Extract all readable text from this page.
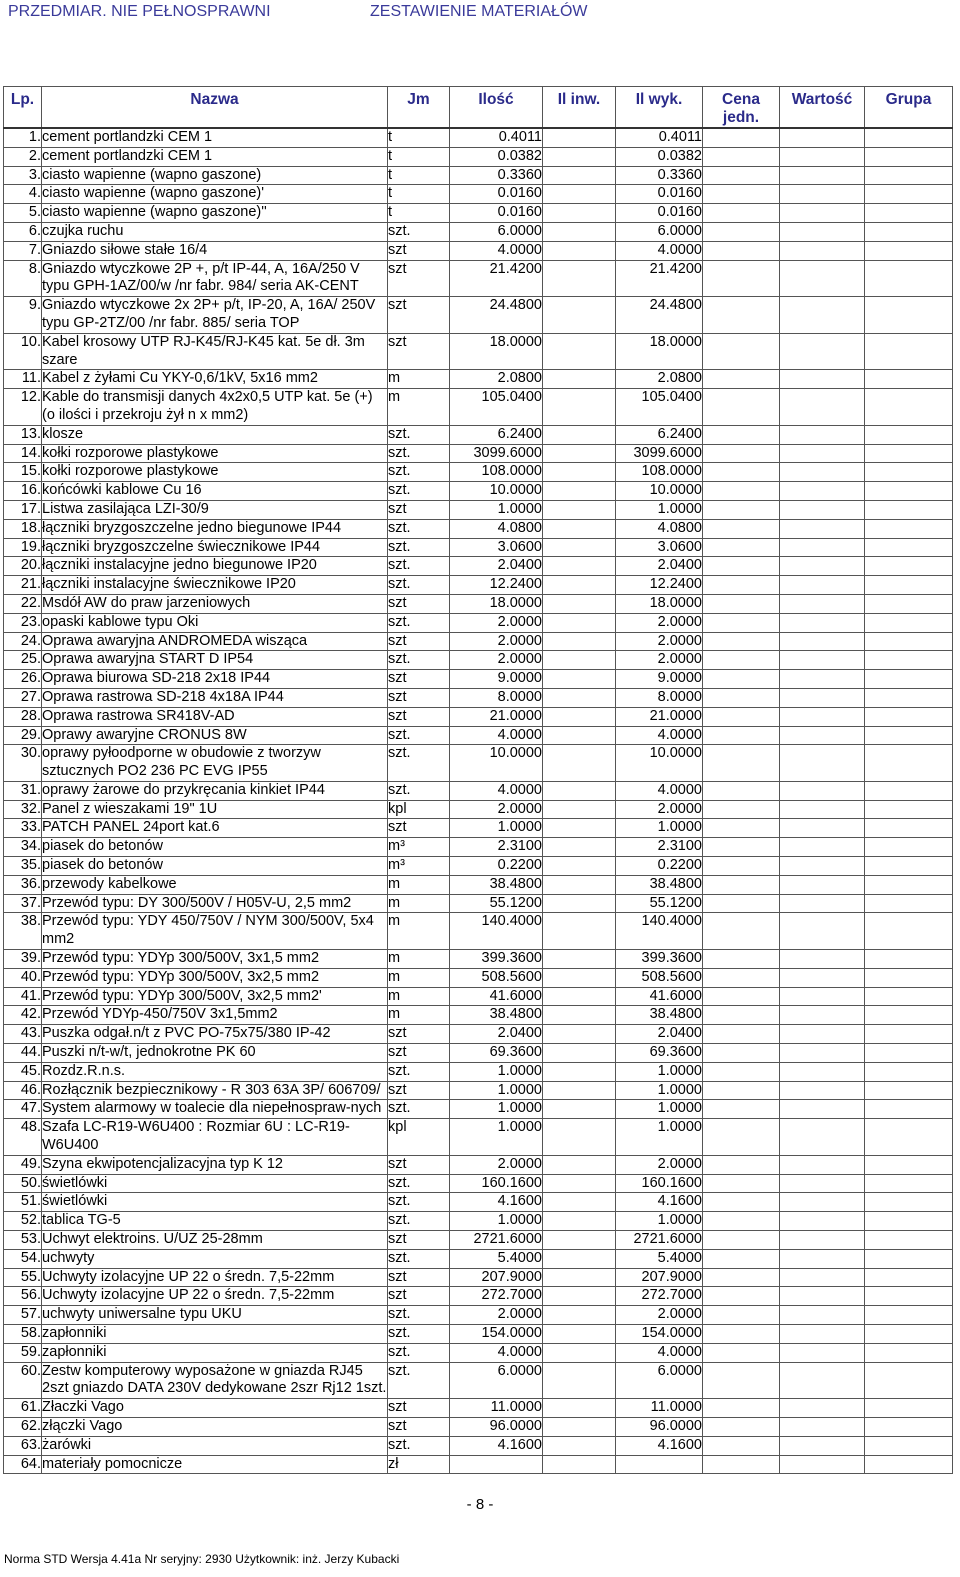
PRZEDMIAR. NIE PEŁNOSPRAWNI	ZESTAWIENIE MATERIAŁÓW
Lp.	Nazwa	Jm	Ilość	Il inw.	Il wyk.	Cena jedn.	Wartość	Grupa
1.	cement portlandzki CEM 1	t	0.4011		0.4011			
2.	cement portlandzki CEM 1	t	0.0382		0.0382			
3.	ciasto wapienne (wapno gaszone)	t	0.3360		0.3360			
4.	ciasto wapienne (wapno gaszone)'	t	0.0160		0.0160			
5.	ciasto wapienne (wapno gaszone)''	t	0.0160		0.0160			
6.	czujka ruchu	szt.	6.0000		6.0000			
7.	Gniazdo siłowe stałe 16/4	szt	4.0000		4.0000			
8.	Gniazdo wtyczkowe 2P +, p/t IP-44, A, 16A/250 V typu GPH-1AZ/00/w /nr fabr. 984/ seria AK-CENT	szt	21.4200		21.4200			
9.	Gniazdo wtyczkowe 2x 2P+ p/t, IP-20, A, 16A/ 250V typu GP-2TZ/00 /nr fabr. 885/ seria TOP	szt	24.4800		24.4800			
10.	Kabel krosowy UTP RJ-K45/RJ-K45 kat. 5e dł. 3m szare	szt	18.0000		18.0000			
11.	Kabel z żyłami Cu YKY-0,6/1kV, 5x16 mm2	m	2.0800		2.0800			
12.	Kable do transmisji danych 4x2x0,5 UTP kat. 5e (+) (o ilości i przekroju żył n x mm2)	m	105.0400		105.0400			
13.	klosze	szt.	6.2400		6.2400			
14.	kołki rozporowe plastykowe	szt.	3099.6000		3099.6000			
15.	kołki rozporowe plastykowe	szt.	108.0000		108.0000			
16.	końcówki kablowe Cu 16	szt.	10.0000		10.0000			
17.	Listwa zasilająca LZI-30/9	szt	1.0000		1.0000			
18.	łączniki bryzgoszczelne jedno biegunowe IP44	szt.	4.0800		4.0800			
19.	łączniki bryzgoszczelne świecznikowe IP44	szt.	3.0600		3.0600			
20.	łączniki instalacyjne jedno biegunowe IP20	szt.	2.0400		2.0400			
21.	łączniki instalacyjne świecznikowe IP20	szt.	12.2400		12.2400			
22.	Msdół AW do praw jarzeniowych	szt	18.0000		18.0000			
23.	opaski kablowe typu Oki	szt.	2.0000		2.0000			
24.	Oprawa awaryjna ANDROMEDA wisząca	szt	2.0000		2.0000			
25.	Oprawa awaryjna START D IP54	szt.	2.0000		2.0000			
26.	Oprawa biurowa SD-218 2x18 IP44	szt	9.0000		9.0000			
27.	Oprawa rastrowa SD-218 4x18A IP44	szt	8.0000		8.0000			
28.	Oprawa rastrowa SR418V-AD	szt	21.0000		21.0000			
29.	Oprawy awaryjne CRONUS 8W	szt.	4.0000		4.0000			
30.	oprawy pyłoodporne w obudowie z tworzyw sztucznych PO2 236 PC EVG IP55	szt.	10.0000		10.0000			
31.	oprawy żarowe do przykręcania kinkiet IP44	szt.	4.0000		4.0000			
32.	Panel z wieszakami 19" 1U	kpl	2.0000		2.0000			
33.	PATCH PANEL 24port kat.6	szt	1.0000		1.0000			
34.	piasek do betonów	m³	2.3100		2.3100			
35.	piasek do betonów	m³	0.2200		0.2200			
36.	przewody kabelkowe	m	38.4800		38.4800			
37.	Przewód typu: DY 300/500V / H05V-U, 2,5 mm2	m	55.1200		55.1200			
38.	Przewód typu: YDY 450/750V / NYM 300/500V, 5x4 mm2	m	140.4000		140.4000			
39.	Przewód typu: YDYp 300/500V, 3x1,5 mm2	m	399.3600		399.3600			
40.	Przewód typu: YDYp 300/500V, 3x2,5 mm2	m	508.5600		508.5600			
41.	Przewód typu: YDYp 300/500V, 3x2,5 mm2'	m	41.6000		41.6000			
42.	Przewód YDYp-450/750V 3x1,5mm2	m	38.4800		38.4800			
43.	Puszka odgał.n/t z PVC PO-75x75/380 IP-42	szt	2.0400		2.0400			
44.	Puszki n/t-w/t, jednokrotne PK 60	szt	69.3600		69.3600			
45.	Rozdz.R.n.s.	szt.	1.0000		1.0000			
46.	Rozłącznik bezpiecznikowy - R 303 63A 3P/ 606709/	szt	1.0000		1.0000			
47.	System alarmowy w toalecie dla niepełnospraw-nych	szt.	1.0000		1.0000			
48.	Szafa LC-R19-W6U400 : Rozmiar 6U : LC-R19-W6U400	kpl	1.0000		1.0000			
49.	Szyna ekwipotencjalizacyjna typ K 12	szt	2.0000		2.0000			
50.	świetlówki	szt.	160.1600		160.1600			
51.	świetlówki	szt.	4.1600		4.1600			
52.	tablica TG-5	szt.	1.0000		1.0000			
53.	Uchwyt elektroins. U/UZ 25-28mm	szt	2721.6000		2721.6000			
54.	uchwyty	szt.	5.4000		5.4000			
55.	Uchwyty izolacyjne UP 22 o średn. 7,5-22mm	szt	207.9000		207.9000			
56.	Uchwyty izolacyjne UP 22 o średn. 7,5-22mm	szt	272.7000		272.7000			
57.	uchwyty uniwersalne typu UKU	szt.	2.0000		2.0000			
58.	zapłonniki	szt.	154.0000		154.0000			
59.	zapłonniki	szt.	4.0000		4.0000			
60.	Zestw komputerowy wyposażone w gniazda RJ45 2szt gniazdo DATA 230V dedykowane 2szr Rj12 1szt.	szt.	6.0000		6.0000			
61.	Złaczki Vago	szt	11.0000		11.0000			
62.	złączki Vago	szt	96.0000		96.0000			
63.	żarówki	szt.	4.1600		4.1600			
64.	materiały pomocnicze	zł						
- 8 -
Norma STD Wersja 4.41a Nr seryjny: 2930 Użytkownik: inż. Jerzy Kubacki
